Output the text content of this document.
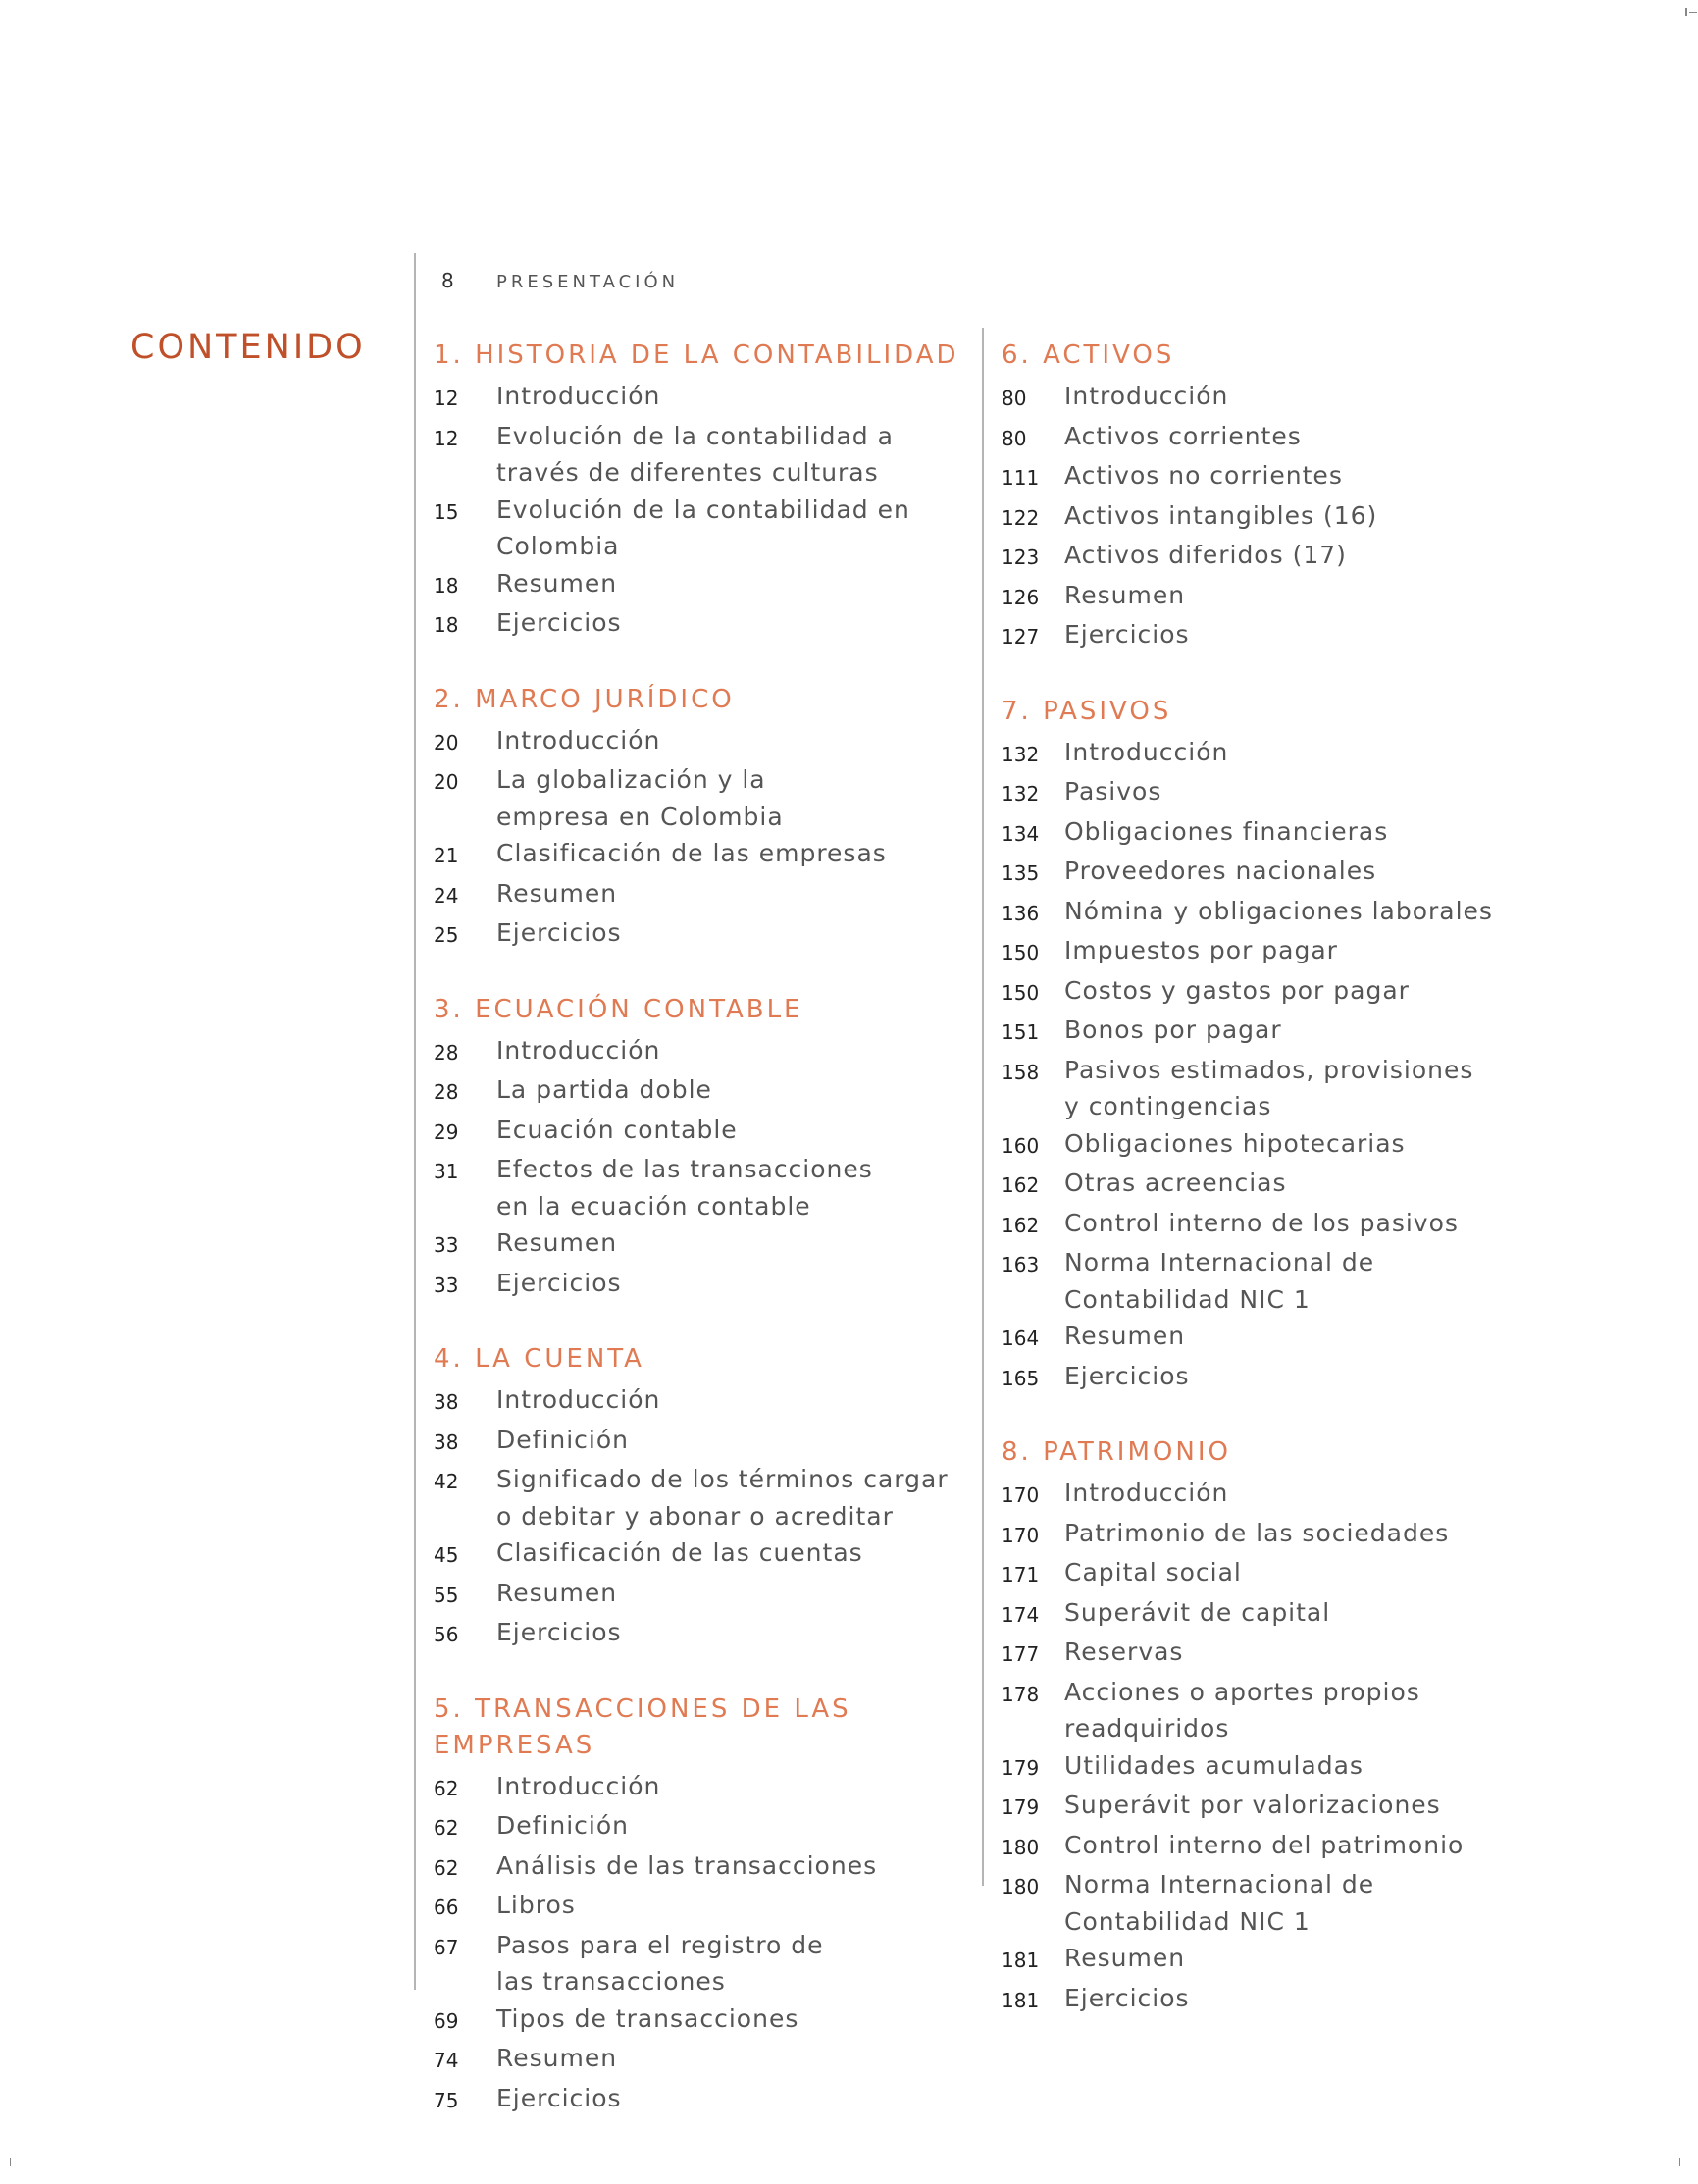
CONTENIDO
8 PRESENTACIÓN
1. HISTORIA DE LA CONTABILIDAD
12	Introducción
12	Evolución de la contabilidad a
través de diferentes culturas
15	Evolución de la contabilidad en Colombia
18	Resumen
18	Ejercicios
2. MARCO JURÍDICO
20	Introducción
20	La globalización y la
empresa en Colombia
21	Clasificación de las empresas
24	Resumen
25	Ejercicios
3. ECUACIÓN CONTABLE
28	Introducción
28	La partida doble
29	Ecuación contable
31	Efectos de las transacciones
en la ecuación contable
33	Resumen
33	Ejercicios
4. LA CUENTA
38	Introducción
38	Definición
42	Significado de los términos cargar
o debitar y abonar o acreditar
45	Clasificación de las cuentas
55	Resumen
56	Ejercicios
5. TRANSACCIONES DE LAS
EMPRESAS
62	Introducción
62	Definición
62	Análisis de las transacciones
66	Libros
67	Pasos para el registro de
las transacciones
69	Tipos de transacciones
74	Resumen
75	Ejercicios
6. ACTIVOS
80	Introducción
80	Activos corrientes
111	Activos no corrientes
122	Activos intangibles (16)
123	Activos diferidos (17)
126	Resumen
127	Ejercicios
7. PASIVOS
132	Introducción
132	Pasivos
134	Obligaciones financieras
135	Proveedores nacionales
136	Nómina y obligaciones laborales
150	Impuestos por pagar
150	Costos y gastos por pagar
151	Bonos por pagar
158	Pasivos estimados, provisiones
y contingencias
160	Obligaciones hipotecarias
162	Otras acreencias
162	Control interno de los pasivos
163	Norma Internacional de
Contabilidad NIC 1
164	Resumen
165	Ejercicios
8. PATRIMONIO
170	Introducción
170	Patrimonio de las sociedades
171	Capital social
174	Superávit de capital
177	Reservas
178	Acciones o aportes propios readquiridos
179	Utilidades acumuladas
179	Superávit por valorizaciones
180	Control interno del patrimonio
180	Norma Internacional de
Contabilidad NIC 1
181	Resumen
181	Ejercicios
